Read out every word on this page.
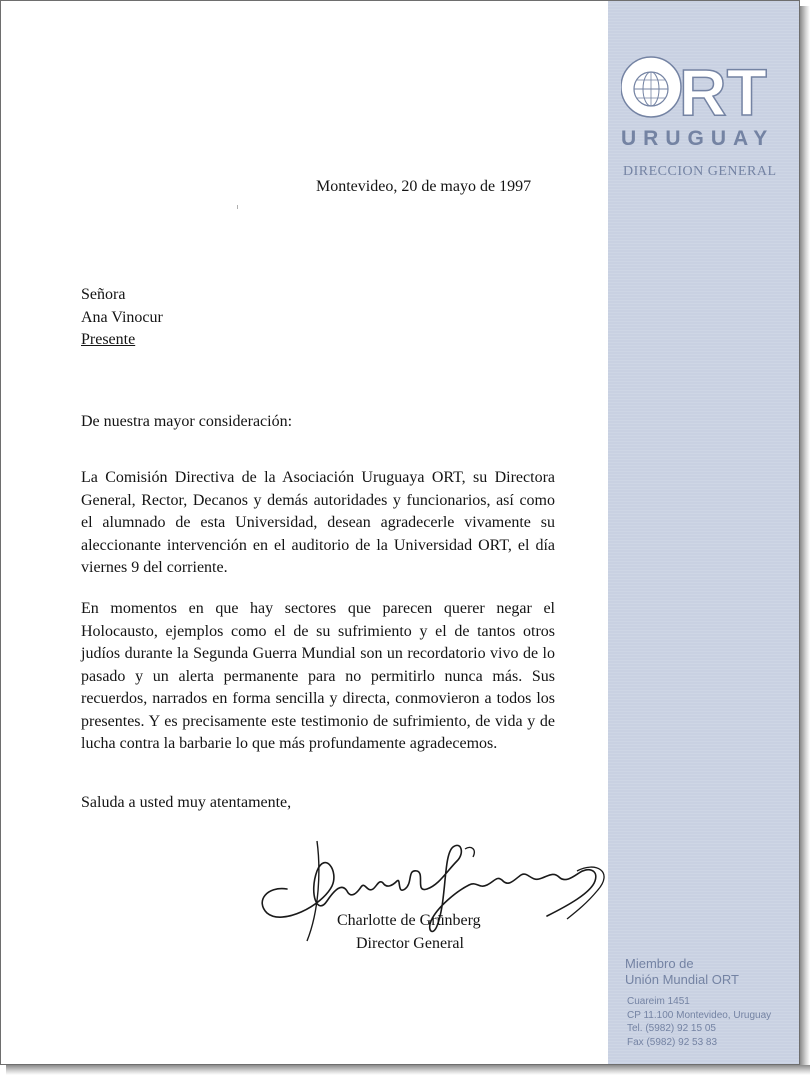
RT
URUGUAY
DIRECCION GENERAL
Miembro de
Unión Mundial ORT
Cuareim 1451
CP 11.100 Montevideo, Uruguay
Tel. (5982) 92 15 05
Fax (5982) 92 53 83
Montevideo, 20 de mayo de 1997
Señora
Ana Vinocur
Presente
De nuestra mayor consideración:
La Comisión Directiva de la Asociación Uruguaya ORT, su Directora General, Rector, Decanos y demás autoridades y funcionarios, así como el alumnado de esta Universidad, desean agradecerle vivamente su aleccionante intervención en el auditorio de la Universidad ORT, el día viernes 9 del corriente.
En momentos en que hay sectores que parecen querer negar el Holocausto, ejemplos como el de su sufrimiento y el de tantos otros judíos durante la Segunda Guerra Mundial son un recordatorio vivo de lo pasado y un alerta permanente para no permitirlo nunca más. Sus recuerdos, narrados en forma sencilla y directa, conmovieron a todos los presentes. Y es precisamente este testimonio de sufrimiento, de vida y de lucha contra la barbarie lo que más profundamente agradecemos.
Saluda a usted muy atentamente,
Charlotte de Grünberg
Director General
